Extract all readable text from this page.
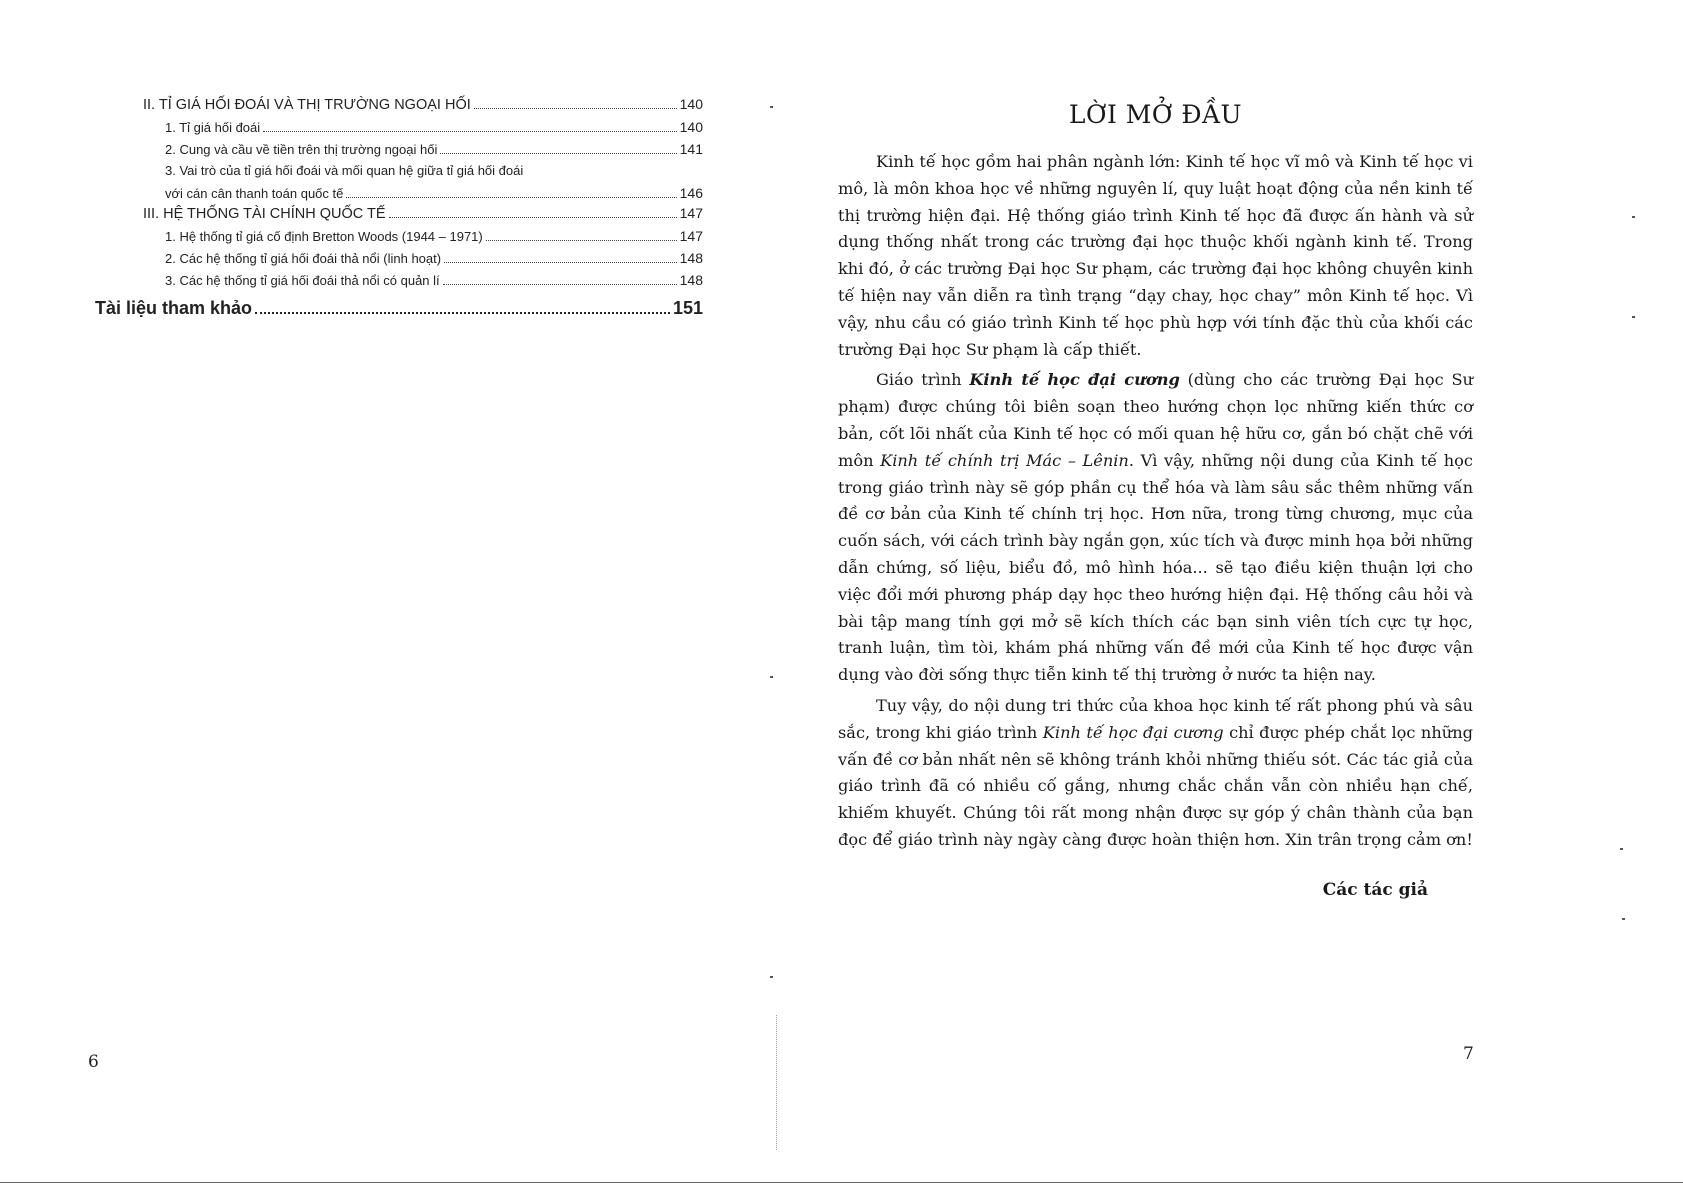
II. TỈ GIÁ HỐI ĐOÁI VÀ THỊ TRƯỜNG NGOẠI HỐI	140
1. Tỉ giá hối đoái	140
2. Cung và cầu về tiền trên thị trường ngoại hối	141
3. Vai trò của tỉ giá hối đoái và mối quan hệ giữa tỉ giá hối đoái
với cán cân thanh toán quốc tế	146
III. HỆ THỐNG TÀI CHÍNH QUỐC TẾ	147
1. Hệ thống tỉ giá cố định Bretton Woods (1944 – 1971)	147
2. Các hệ thống tỉ giá hối đoái thả nổi (linh hoạt)	148
3. Các hệ thống tỉ giá hối đoái thả nổi có quản lí	148
Tài liệu tham khảo	151
6
LỜI MỞ ĐẦU

Kinh tế học gồm hai phân ngành lớn: Kinh tế học vĩ mô và Kinh tế học vi mô, là môn khoa học về những nguyên lí, quy luật hoạt động của nền kinh tế thị trường hiện đại. Hệ thống giáo trình Kinh tế học đã được ấn hành và sử dụng thống nhất trong các trường đại học thuộc khối ngành kinh tế. Trong khi đó, ở các trường Đại học Sư phạm, các trường đại học không chuyên kinh tế hiện nay vẫn diễn ra tình trạng “dạy chay, học chay” môn Kinh tế học. Vì vậy, nhu cầu có giáo trình Kinh tế học phù hợp với tính đặc thù của khối các trường Đại học Sư phạm là cấp thiết.

Giáo trình Kinh tế học đại cương (dùng cho các trường Đại học Sư phạm) được chúng tôi biên soạn theo hướng chọn lọc những kiến thức cơ bản, cốt lõi nhất của Kinh tế học có mối quan hệ hữu cơ, gắn bó chặt chẽ với môn Kinh tế chính trị Mác – Lênin. Vì vậy, những nội dung của Kinh tế học trong giáo trình này sẽ góp phần cụ thể hóa và làm sâu sắc thêm những vấn đề cơ bản của Kinh tế chính trị học. Hơn nữa, trong từng chương, mục của cuốn sách, với cách trình bày ngắn gọn, xúc tích và được minh họa bởi những dẫn chứng, số liệu, biểu đồ, mô hình hóa... sẽ tạo điều kiện thuận lợi cho việc đổi mới phương pháp dạy học theo hướng hiện đại. Hệ thống câu hỏi và bài tập mang tính gợi mở sẽ kích thích các bạn sinh viên tích cực tự học, tranh luận, tìm tòi, khám phá những vấn đề mới của Kinh tế học được vận dụng vào đời sống thực tiễn kinh tế thị trường ở nước ta hiện nay.

Tuy vậy, do nội dung tri thức của khoa học kinh tế rất phong phú và sâu sắc, trong khi giáo trình Kinh tế học đại cương chỉ được phép chắt lọc những vấn đề cơ bản nhất nên sẽ không tránh khỏi những thiếu sót. Các tác giả của giáo trình đã có nhiều cố gắng, nhưng chắc chắn vẫn còn nhiều hạn chế, khiếm khuyết. Chúng tôi rất mong nhận được sự góp ý chân thành của bạn đọc để giáo trình này ngày càng được hoàn thiện hơn. Xin trân trọng cảm ơn!

Các tác giả
7
